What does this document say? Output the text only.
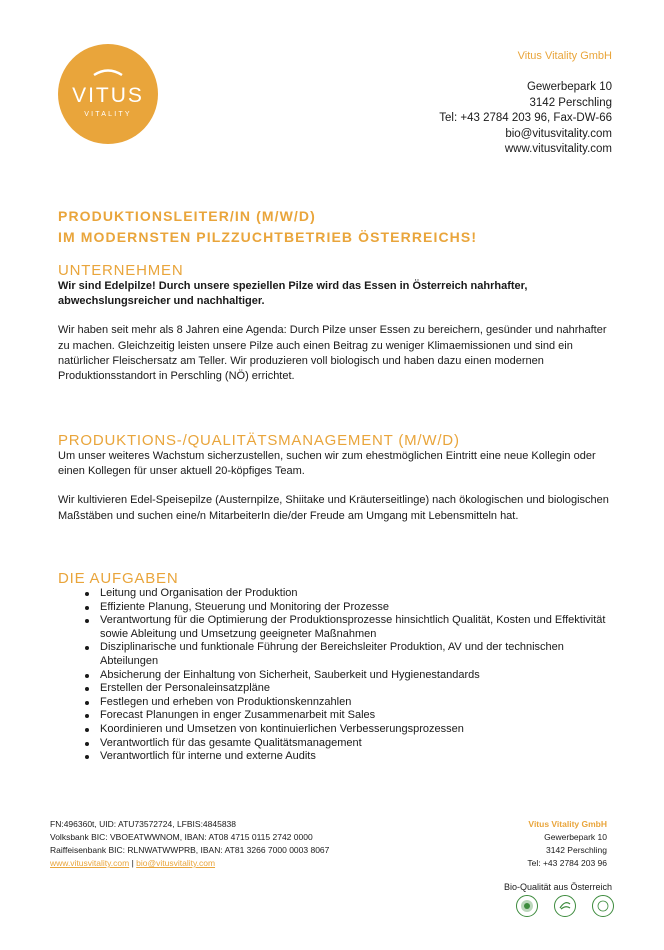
VITUS
VITALITY
Vitus Vitality GmbH
Gewerbepark 10
3142 Perschling
Tel: +43 2784 203 96, Fax-DW-66
bio@vitusvitality.com
www.vitusvitality.com
PRODUKTIONSLEITER/IN (M/W/D)
IM MODERNSTEN PILZZUCHTBETRIEB ÖSTERREICHS!
UNTERNEHMEN

Wir sind Edelpilze! Durch unsere speziellen Pilze wird das Essen in Österreich nahrhafter, abwechslungsreicher und nachhaltiger.

Wir haben seit mehr als 8 Jahren eine Agenda: Durch Pilze unser Essen zu bereichern, gesünder und nahrhafter zu machen. Gleichzeitig leisten unsere Pilze auch einen Beitrag zu weniger Klimaemissionen und sind ein natürlicher Fleischersatz am Teller. Wir produzieren voll biologisch und haben dazu einen modernen Produktionsstandort in Perschling (NÖ) errichtet.

PRODUKTIONS-/QUALITÄTSMANAGEMENT (M/W/D)

Um unser weiteres Wachstum sicherzustellen, suchen wir zum ehestmöglichen Eintritt eine neue Kollegin oder einen Kollegen für unser aktuell 20-köpfiges Team.

Wir kultivieren Edel-Speisepilze (Austernpilze, Shiitake und Kräuterseitlinge) nach ökologischen und biologischen Maßstäben und suchen eine/n MitarbeiterIn die/der Freude am Umgang mit Lebensmitteln hat.

DIE AUFGABEN
Leitung und Organisation der Produktion
Effiziente Planung, Steuerung und Monitoring der Prozesse
Verantwortung für die Optimierung der Produktionsprozesse hinsichtlich Qualität, Kosten und Effektivität sowie Ableitung und Umsetzung geeigneter Maßnahmen
Disziplinarische und funktionale Führung der Bereichsleiter Produktion, AV und der technischen Abteilungen
Absicherung der Einhaltung von Sicherheit, Sauberkeit und Hygienestandards
Erstellen der Personaleinsatzpläne
Festlegen und erheben von Produktionskennzahlen
Forecast Planungen in enger Zusammenarbeit mit Sales
Koordinieren und Umsetzen von kontinuierlichen Verbesserungsprozessen
Verantwortlich für das gesamte Qualitätsmanagement
Verantwortlich für interne und externe Audits
FN:496360t, UID: ATU73572724, LFBIS:4845838
Volksbank BIC: VBOEATWWNOM, IBAN: AT08 4715 0115 2742 0000
Raiffeisenbank BIC: RLNWATWWPRB, IBAN: AT81 3266 7000 0003 8067
www.vitusvitality.com | bio@vitusvitality.com
Vitus Vitality GmbH
Gewerbepark 10
3142 Perschling
Tel: +43 2784 203 96
Bio-Qualität aus Österreich
